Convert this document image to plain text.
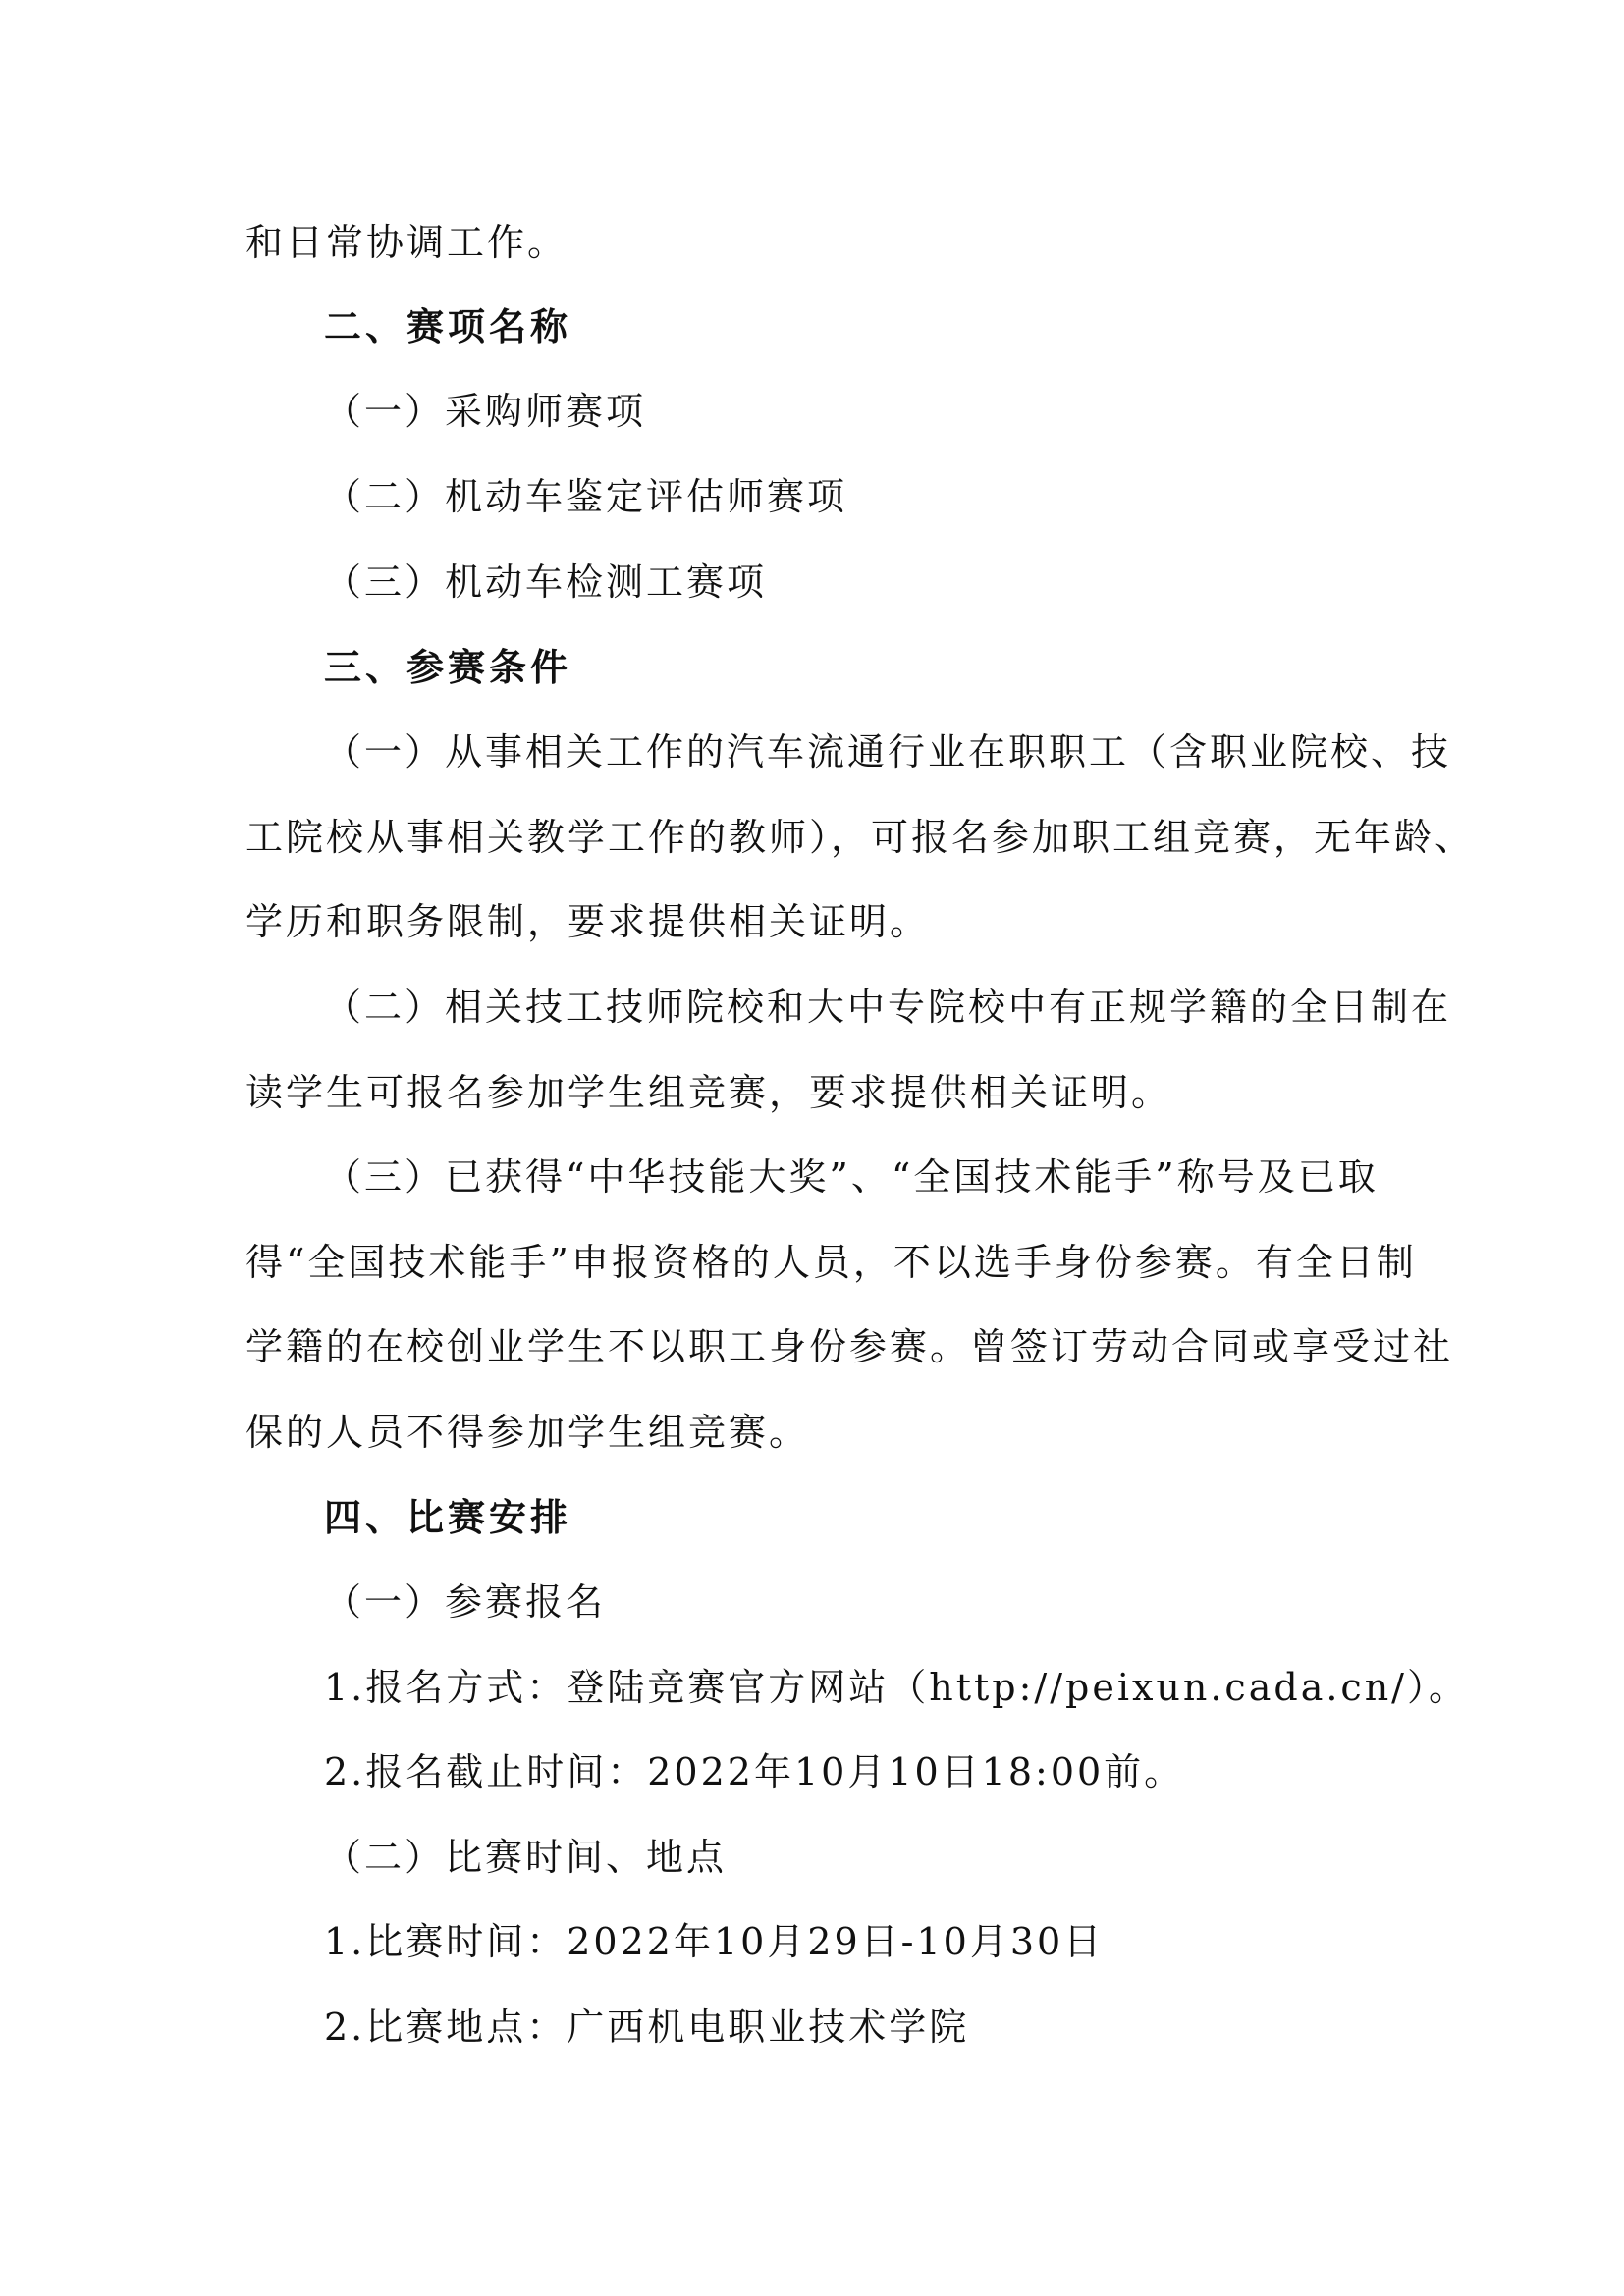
和日常协调工作。
二、赛项名称
（一）采购师赛项
（二）机动车鉴定评估师赛项
（三）机动车检测工赛项
三、参赛条件
（一）从事相关工作的汽车流通行业在职职工（含职业院校、技
工院校从事相关教学工作的教师），可报名参加职工组竞赛，无年龄、
学历和职务限制，要求提供相关证明。
（二）相关技工技师院校和大中专院校中有正规学籍的全日制在
读学生可报名参加学生组竞赛，要求提供相关证明。
（三）已获得“中华技能大奖”、“全国技术能手”称号及已取
得“全国技术能手”申报资格的人员，不以选手身份参赛。有全日制
学籍的在校创业学生不以职工身份参赛。曾签订劳动合同或享受过社
保的人员不得参加学生组竞赛。
四、比赛安排
（一）参赛报名
1.报名方式：登陆竞赛官方网站（http://peixun.cada.cn/）。
2.报名截止时间：2022年10月10日18:00前。
（二）比赛时间、地点
1.比赛时间：2022年10月29日-10月30日
2.比赛地点：广西机电职业技术学院
